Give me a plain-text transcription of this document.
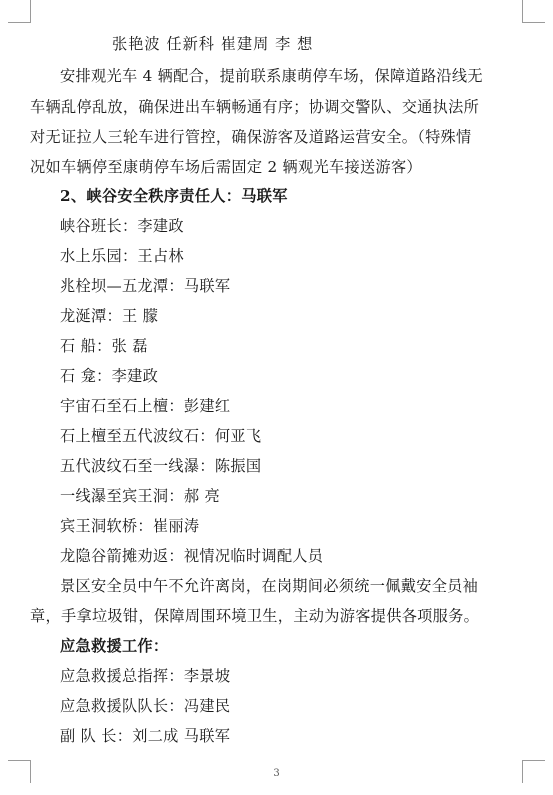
张艳波 任新科 崔建周 李 想
安排观光车 4 辆配合，提前联系康萌停车场，保障道路沿线无
车辆乱停乱放，确保进出车辆畅通有序；协调交警队、交通执法所
对无证拉人三轮车进行管控，确保游客及道路运营安全。（特殊情
况如车辆停至康萌停车场后需固定 2 辆观光车接送游客）
2、峡谷安全秩序责任人：马联军
峡谷班长：李建政
水上乐园：王占林
兆栓坝—五龙潭：马联军
龙涎潭：王 朦
石 船：张 磊
石 龛：李建政
宇宙石至石上檀：彭建红
石上檀至五代波纹石：何亚飞
五代波纹石至一线瀑：陈振国
一线瀑至宾王洞：郝 亮
宾王洞软桥：崔丽涛
龙隐谷箭摊劝返：视情况临时调配人员
景区安全员中午不允许离岗，在岗期间必须统一佩戴安全员袖
章，手拿垃圾钳，保障周围环境卫生，主动为游客提供各项服务。
应急救援工作：
应急救援总指挥：李景坡
应急救援队队长：冯建民
副 队 长：刘二成 马联军
3
